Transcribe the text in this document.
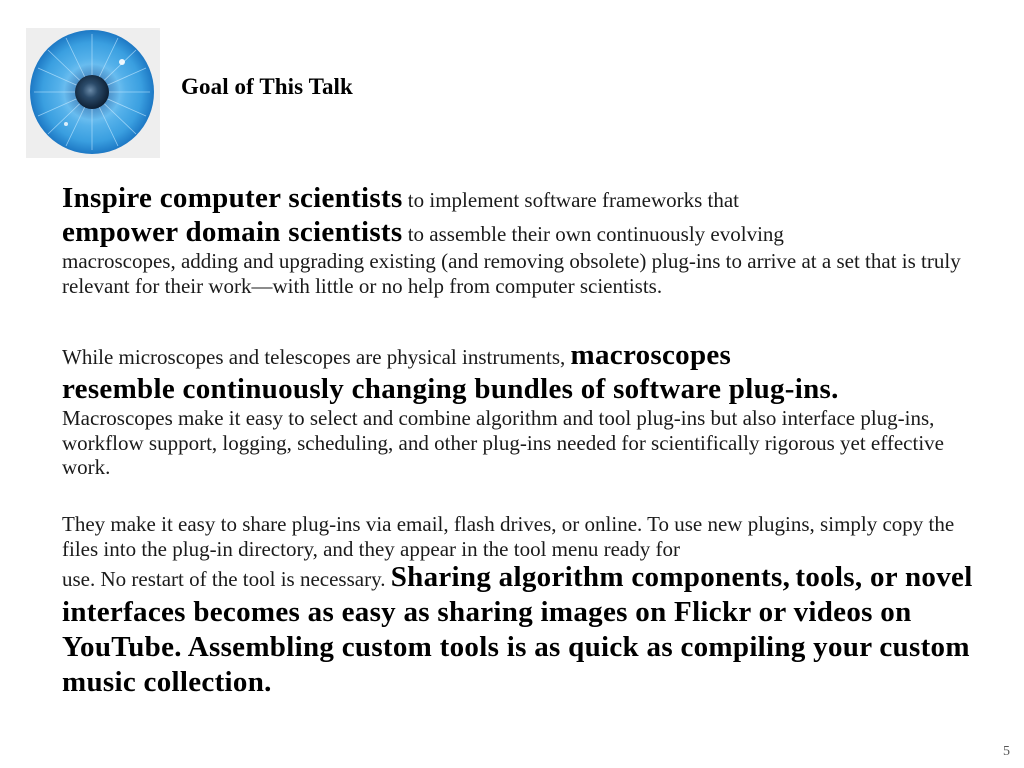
Goal of This Talk

Inspire computer scientists to implement software frameworks that
empower domain scientists to assemble their own continuously evolving
macroscopes, adding and upgrading existing (and removing obsolete) plug-ins to arrive at a set that is truly relevant for their work—with little or no help from computer scientists.

While microscopes and telescopes are physical instruments, macroscopes
resemble continuously changing bundles of software plug-ins.
Macroscopes make it easy to select and combine algorithm and tool plug-ins but also interface plug-ins, workflow support, logging, scheduling, and other plug-ins needed for scientifically rigorous yet effective work.

They make it easy to share plug-ins via email, flash drives, or online. To use new plugins, simply copy the files into the plug-in directory, and they appear in the tool menu ready for
use. No restart of the tool is necessary. Sharing algorithm components, tools, or novel interfaces becomes as easy as sharing images on Flickr or videos on YouTube. Assembling custom tools is as quick as compiling your custom music collection.

5
